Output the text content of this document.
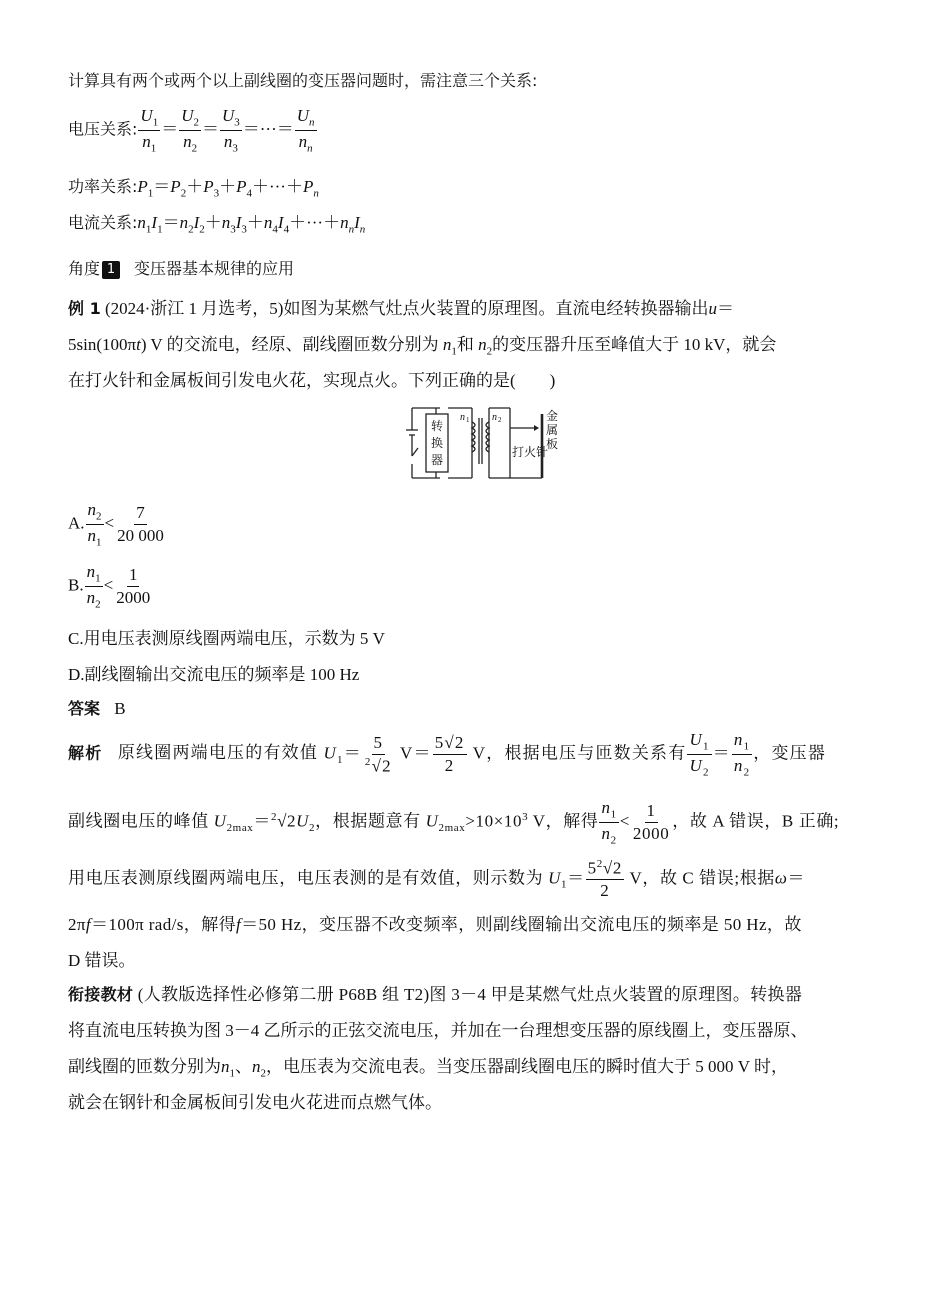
计算具有两个或两个以上副线圈的变压器问题时，需注意三个关系:
电压关系: $\frac{U_1}{n_1} = \frac{U_2}{n_2} = \frac{U_3}{n_3}$ ＝···＝ $\frac{U_n}{n_n}$
功率关系$:P_1=P_2+P_3+P_4+\cdot\cdot\cdot+P_n$
电流关系$:n_1I_1=n_2I_2+n_3I_3+n_4I_4+\cdot\cdot\cdot+n_nI_n$
角度 1 变压器基本规律的应用
例 1 (2024·浙江 1 月选考，5)如图为某燃气灶点火装置的原理图。直流电经转换器输出u＝
5sin(100πt) V 的交流电，经原、副线圈匝数分别为 $n_1$和 $n_2$的变压器升压至峰值大于 10 kV，就会
在打火针和金属板间引发电火花，实现点火。下列正确的是(　　)
转
换
器
打火针
金
属
板
n 1 n 2
A. $\frac{n_2}{n_1} < \frac{7}{20 000}$
B. $\frac{n_1}{n_2} < \frac{1}{2000}$
C.用电压表测原线圈两端电压，示数为 5 V
D.副线圈输出交流电压的频率是 100 Hz
答案 B
解析 原线圈两端电压的有效值 $U_1= \frac{5}{^2√2} V= \frac{5√2}{2}$ V，根据电压与匝数关系有 $\frac{U_1}{U_2} = \frac{n_1}{n_2}$ ，变压器
副线圈电压的峰值 $U_{2max}=^2√2U_2$，根据题意有 $U_{2max}>10\times 10^3$ V，解得 $\frac{n_1}{n_2} < \frac{1}{2000}$ ，故 A 错误，B 正确;
用电压表测原线圈两端电压，电压表测的是有效值，则示数为 $U_1= \frac{5^2√2}{2}$ V，故 C 错误;根据ω＝
2πf＝100π rad/s，解得f＝50 Hz，变压器不改变频率，则副线圈输出交流电压的频率是 50 Hz，故
D 错误。
衔接教材 (人教版选择性必修第二册 P68B 组 T2)图 3－4 甲是某燃气灶点火装置的原理图。转换器
将直流电压转换为图 3－4 乙所示的正弦交流电压，并加在一台理想变压器的原线圈上，变压器原、
副线圈的匝数分别为$n_1$、$n_2$，电压表为交流电表。当变压器副线圈电压的瞬时值大于 5 000 V 时，
就会在钢针和金属板间引发电火花进而点燃气体。
